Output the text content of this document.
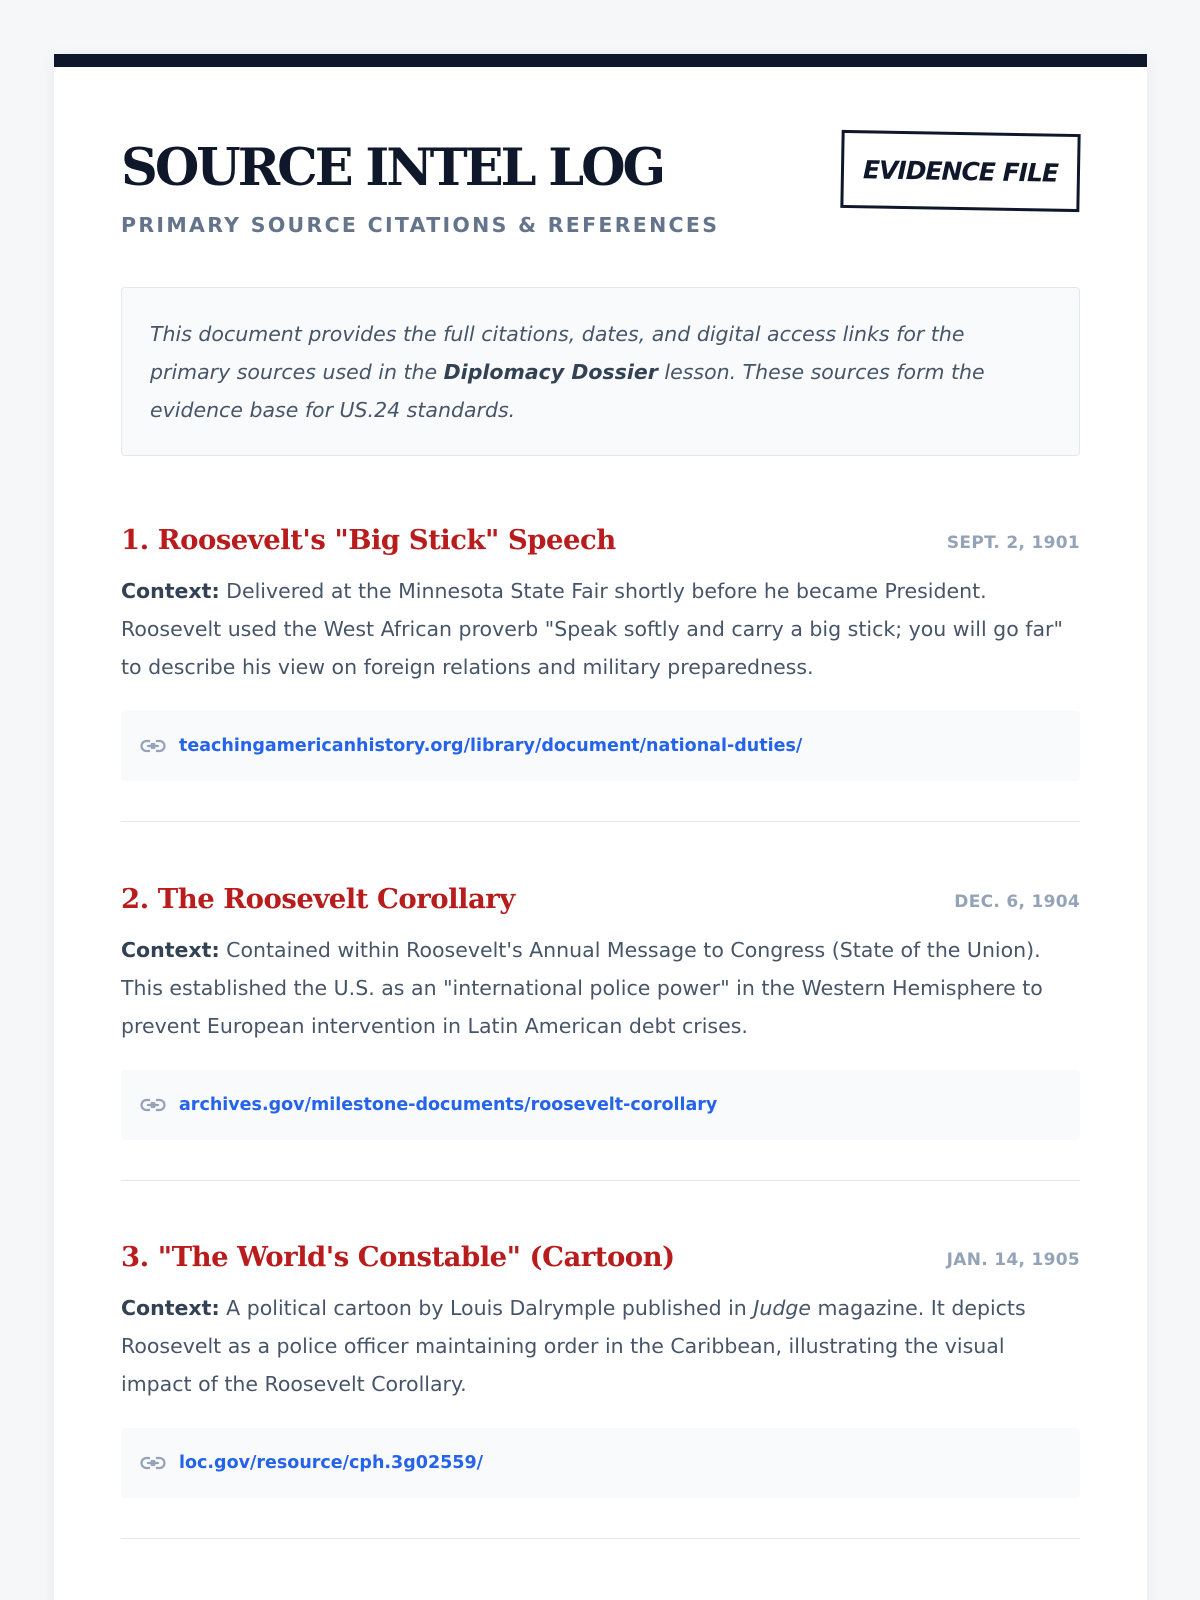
SOURCE INTEL LOG
PRIMARY SOURCE CITATIONS & REFERENCES
EVIDENCE FILE
This document provides the full citations, dates, and digital access links for the primary sources used in the Diplomacy Dossier lesson. These sources form the evidence base for US.24 standards.
1. Roosevelt's "Big Stick" Speech	SEPT. 2, 1901

Context: Delivered at the Minnesota State Fair shortly before he became President. Roosevelt used the West African proverb "Speak softly and carry a big stick; you will go far" to describe his view on foreign relations and military preparedness.

teachingamericanhistory.org/library/document/national-duties/
2. The Roosevelt Corollary	DEC. 6, 1904

Context: Contained within Roosevelt's Annual Message to Congress (State of the Union). This established the U.S. as an "international police power" in the Western Hemisphere to prevent European intervention in Latin American debt crises.

archives.gov/milestone-documents/roosevelt-corollary
3. "The World's Constable" (Cartoon)	JAN. 14, 1905

Context: A political cartoon by Louis Dalrymple published in Judge magazine. It depicts Roosevelt as a police officer maintaining order in the Caribbean, illustrating the visual impact of the Roosevelt Corollary.

loc.gov/resource/cph.3g02559/
